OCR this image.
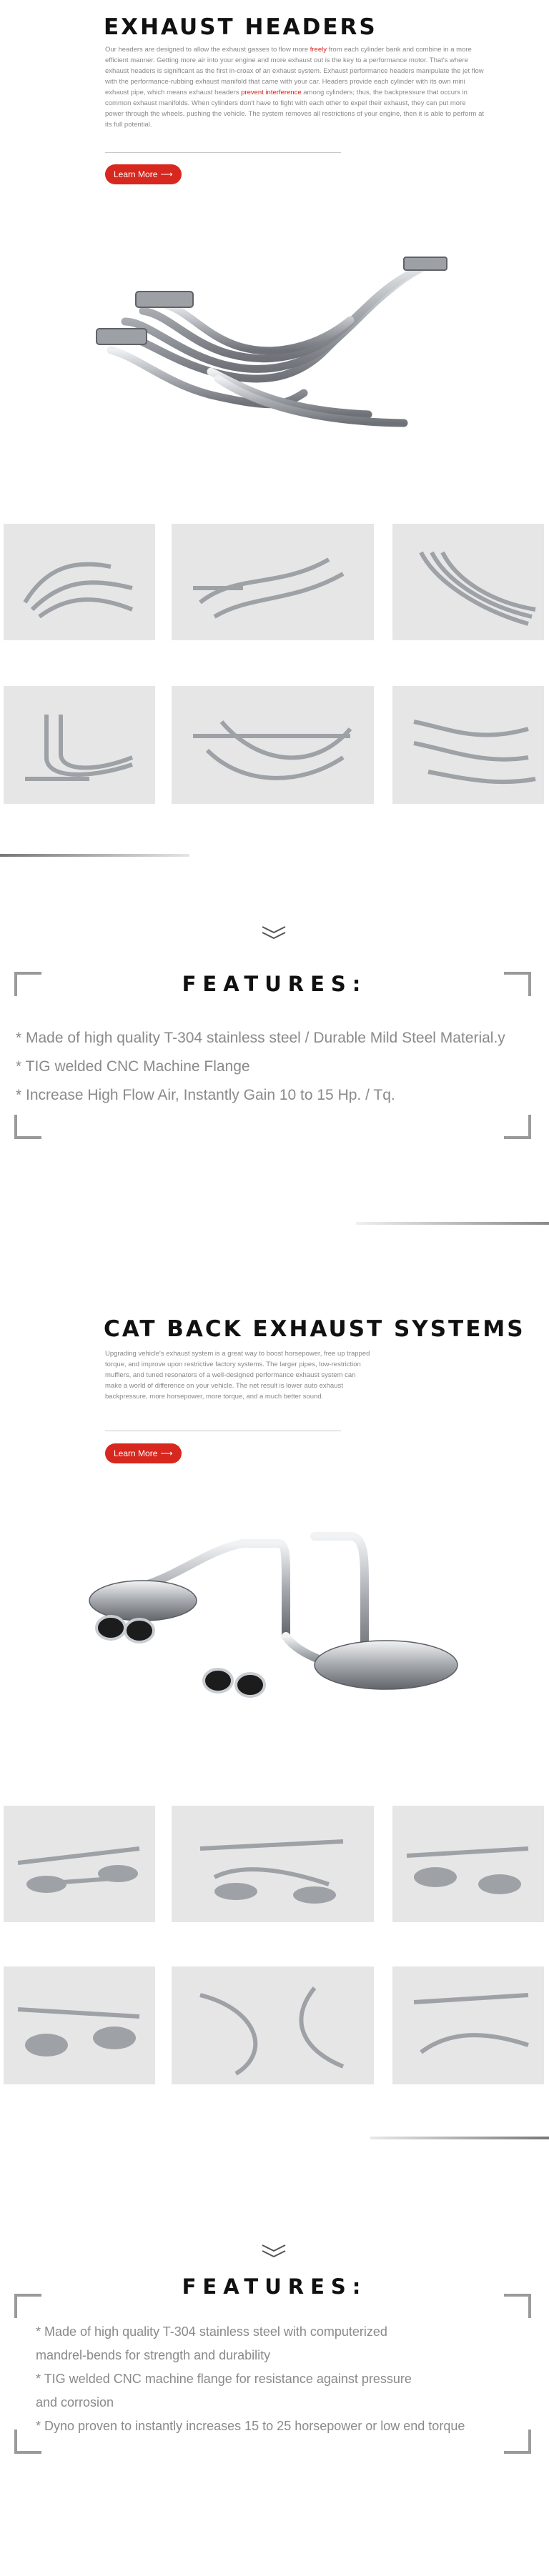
EXHAUST HEADERS

Our headers are designed to allow the exhaust gasses to flow more freely from each cylinder bank and combine in a more efficient manner. Getting more air into your engine and more exhaust out is the key to a performance motor. That's where exhaust headers is significant as the first in-croax of an exhaust system. Exhaust performance headers manipulate the jet flow with the performance-rubbing exhaust manifold that came with your car. Headers provide each cylinder with its own mini exhaust pipe, which means exhaust headers prevent interference among cylinders; thus, the backpressure that occurs in common exhaust manifolds. When cylinders don't have to fight with each other to expel their exhaust, they can put more power through the wheels, pushing the vehicle. The system removes all restrictions of your engine, then it is able to perform at its full potential.

Learn More ⟶
FEATURES:
* Made of high quality T-304 stainless steel / Durable Mild Steel Material.y
* TIG welded CNC Machine Flange
* Increase High Flow Air, Instantly Gain 10 to 15 Hp. / Tq.
CAT BACK EXHAUST SYSTEMS

Upgrading vehicle's exhaust system is a great way to boost horsepower, free up trapped torque, and improve upon restrictive factory systems. The larger pipes, low-restriction mufflers, and tuned resonators of a well-designed performance exhaust system can make a world of difference on your vehicle. The net result is lower auto exhaust backpressure, more horsepower, more torque, and a much better sound.

Learn More ⟶
FEATURES:
* Made of high quality T-304 stainless steel with computerized
mandrel-bends for strength and durability
* TIG welded CNC machine flange for resistance against pressure
and corrosion
* Dyno proven to instantly increases 15 to 25 horsepower or low end torque
